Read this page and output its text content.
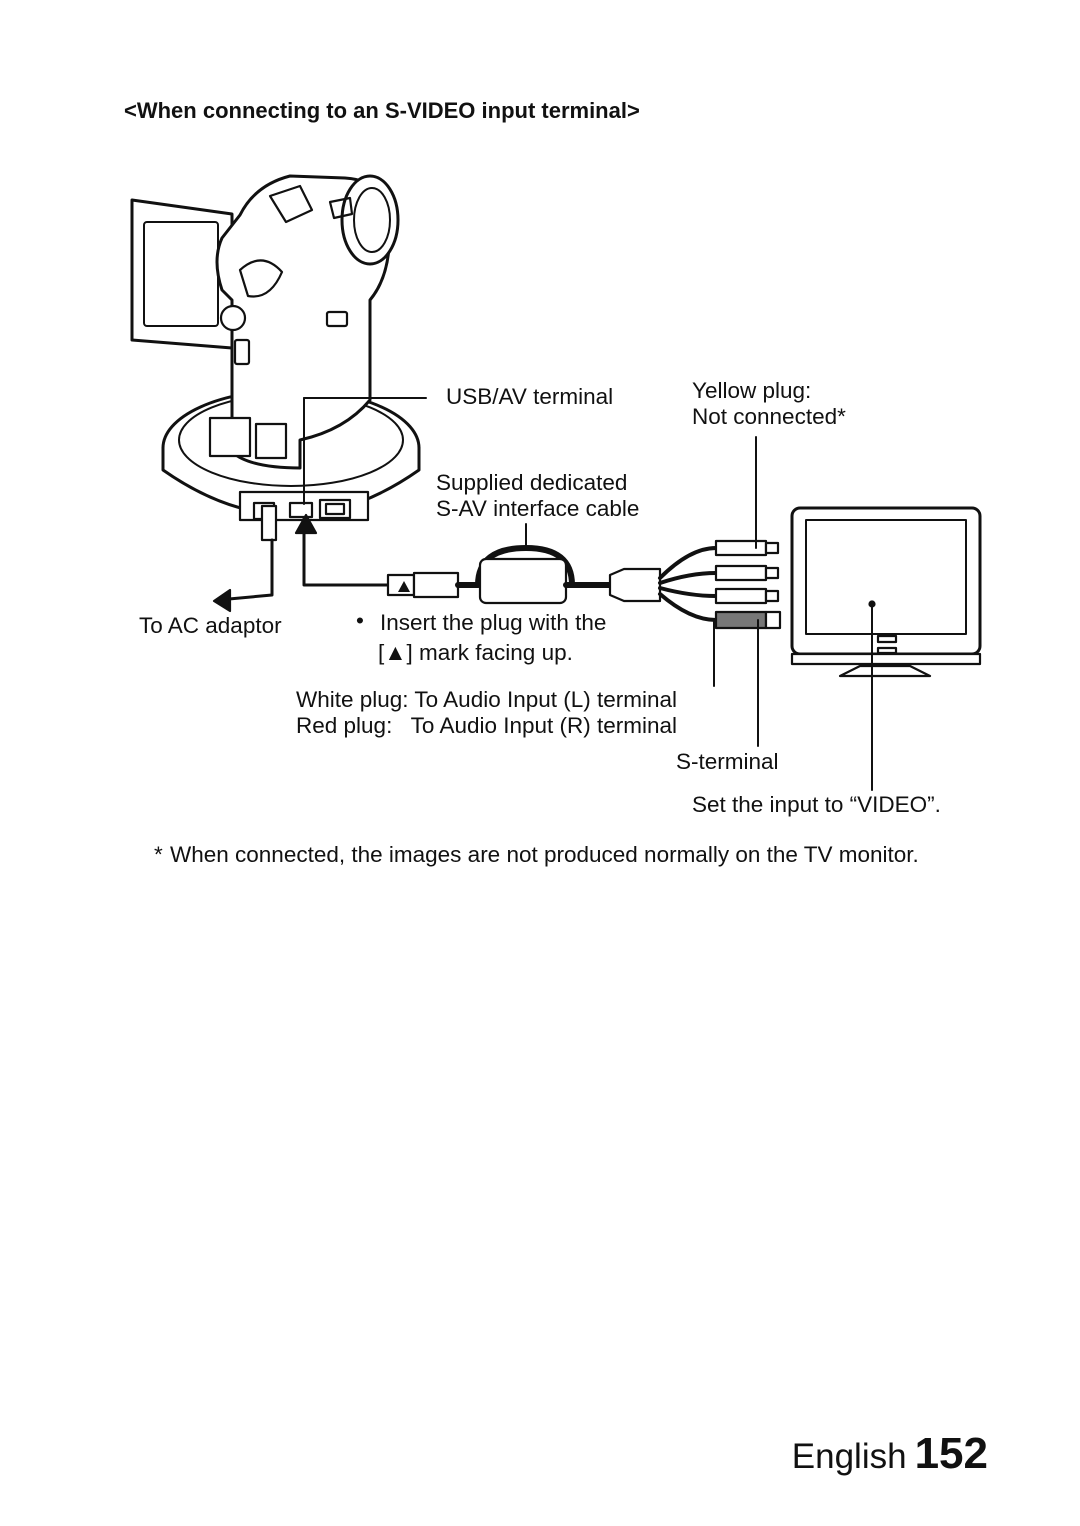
<When connecting to an S-VIDEO input terminal>
USB/AV terminal	Yellow plug:
Not connected*
Supplied dedicated
S-AV interface cable
To AC adaptor	• Insert the plug with the
[▲] mark facing up.
White plug: To Audio Input (L) terminal
Red plug:   To Audio Input (R) terminal
S-terminal
Set the input to “VIDEO”.
* When connected, the images are not produced normally on the TV monitor.
English 152
